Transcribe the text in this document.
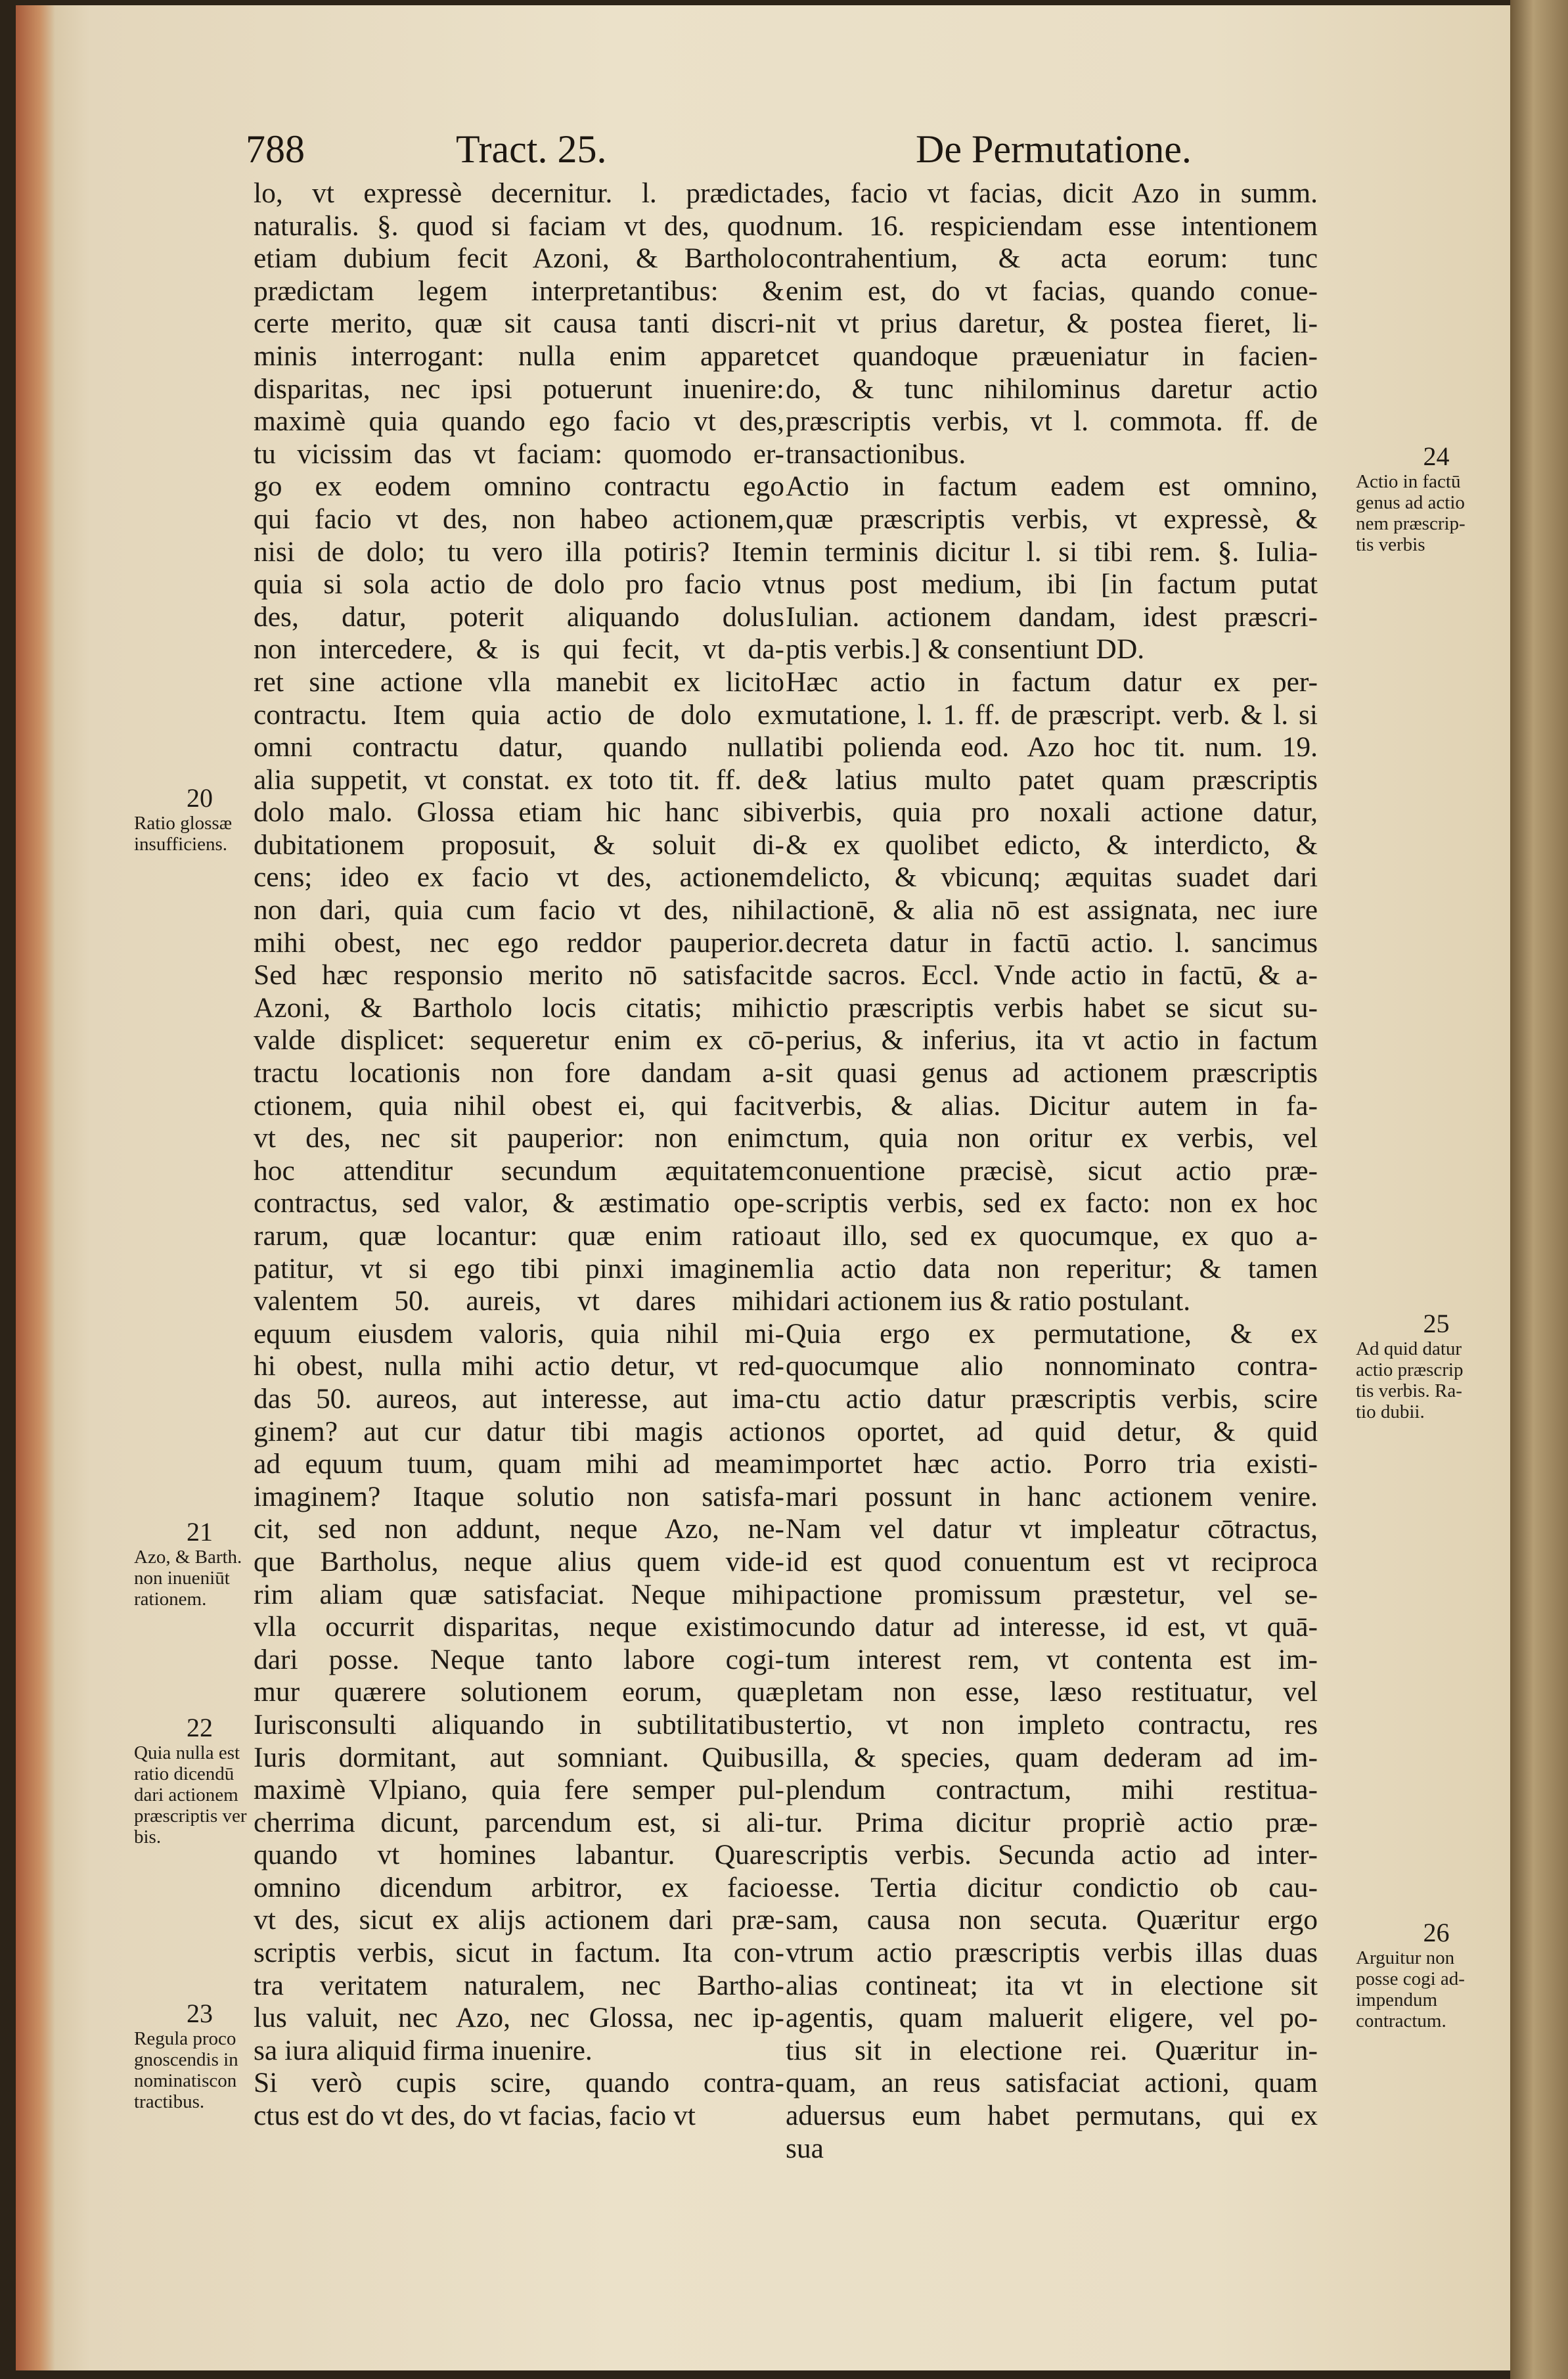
788	Tract. 25.	De Permutatione.

lo, vt expressè decernitur. l. prædicta

naturalis. §. quod si faciam vt des, quod

etiam dubium fecit Azoni, & Bartholo

prædictam legem interpretantibus: &

certe merito, quæ sit causa tanti discri-

minis interrogant: nulla enim apparet

disparitas, nec ipsi potuerunt inuenire:

maximè quia quando ego facio vt des,

tu vicissim das vt faciam: quomodo er-

go ex eodem omnino contractu ego

qui facio vt des, non habeo actionem,

nisi de dolo; tu vero illa potiris? Item

quia si sola actio de dolo pro facio vt

des, datur, poterit aliquando dolus

non intercedere, & is qui fecit, vt da-

ret sine actione vlla manebit ex licito

contractu. Item quia actio de dolo ex

omni contractu datur, quando nulla

alia suppetit, vt constat. ex toto tit. ff. de

dolo malo. Glossa etiam hic hanc sibi

dubitationem proposuit, & soluit di-

cens; ideo ex facio vt des, actionem

non dari, quia cum facio vt des, nihil

mihi obest, nec ego reddor pauperior.

Sed hæc responsio merito nō satisfacit

Azoni, & Bartholo locis citatis; mihi

valde displicet: sequeretur enim ex cō-

tractu locationis non fore dandam a-

ctionem, quia nihil obest ei, qui facit

vt des, nec sit pauperior: non enim

hoc attenditur secundum æquitatem

contractus, sed valor, & æstimatio ope-

rarum, quæ locantur: quæ enim ratio

patitur, vt si ego tibi pinxi imaginem

valentem 50. aureis, vt dares mihi

equum eiusdem valoris, quia nihil mi-

hi obest, nulla mihi actio detur, vt red-

das 50. aureos, aut interesse, aut ima-

ginem? aut cur datur tibi magis actio

ad equum tuum, quam mihi ad meam

imaginem? Itaque solutio non satisfa-

cit, sed non addunt, neque Azo, ne-

que Bartholus, neque alius quem vide-

rim aliam quæ satisfaciat. Neque mihi

vlla occurrit disparitas, neque existimo

dari posse. Neque tanto labore cogi-

mur quærere solutionem eorum, quæ

Iurisconsulti aliquando in subtilitatibus

Iuris dormitant, aut somniant. Quibus

maximè Vlpiano, quia fere semper pul-

cherrima dicunt, parcendum est, si ali-

quando vt homines labantur. Quare

omnino dicendum arbitror, ex facio

vt des, sicut ex alijs actionem dari præ-

scriptis verbis, sicut in factum. Ita con-

tra veritatem naturalem, nec Bartho-

lus valuit, nec Azo, nec Glossa, nec ip-

sa iura aliquid firma inuenire.

Si verò cupis scire, quando contra-

ctus est do vt des, do vt facias, facio vt

des, facio vt facias, dicit Azo in summ.

num. 16. respiciendam esse intentionem

contrahentium, & acta eorum: tunc

enim est, do vt facias, quando conue-

nit vt prius daretur, & postea fieret, li-

cet quandoque præueniatur in facien-

do, & tunc nihilominus daretur actio

præscriptis verbis, vt l. commota. ff. de

transactionibus.

Actio in factum eadem est omnino,

quæ præscriptis verbis, vt expressè, &

in terminis dicitur l. si tibi rem. §. Iulia-

nus post medium, ibi [in factum putat

Iulian. actionem dandam, idest præscri-

ptis verbis.] & consentiunt DD.

Hæc actio in factum datur ex per-

mutatione, l. 1. ff. de præscript. verb. & l. si

tibi polienda eod. Azo hoc tit. num. 19.

& latius multo patet quam præscriptis

verbis, quia pro noxali actione datur,

& ex quolibet edicto, & interdicto, &

delicto, & vbicunq; æquitas suadet dari

actionē, & alia nō est assignata, nec iure

decreta datur in factū actio. l. sancimus

de sacros. Eccl. Vnde actio in factū, & a-

ctio præscriptis verbis habet se sicut su-

perius, & inferius, ita vt actio in factum

sit quasi genus ad actionem præscriptis

verbis, & alias. Dicitur autem in fa-

ctum, quia non oritur ex verbis, vel

conuentione præcisè, sicut actio præ-

scriptis verbis, sed ex facto: non ex hoc

aut illo, sed ex quocumque, ex quo a-

lia actio data non reperitur; & tamen

dari actionem ius & ratio postulant.

Quia ergo ex permutatione, & ex

quocumque alio nonnominato contra-

ctu actio datur præscriptis verbis, scire

nos oportet, ad quid detur, & quid

importet hæc actio. Porro tria existi-

mari possunt in hanc actionem venire.

Nam vel datur vt impleatur cōtractus,

id est quod conuentum est vt reciproca

pactione promissum præstetur, vel se-

cundo datur ad interesse, id est, vt quā-

tum interest rem, vt contenta est im-

pletam non esse, læso restituatur, vel

tertio, vt non impleto contractu, res

illa, & species, quam dederam ad im-

plendum contractum, mihi restitua-

tur. Prima dicitur propriè actio præ-

scriptis verbis. Secunda actio ad inter-

esse. Tertia dicitur condictio ob cau-

sam, causa non secuta. Quæritur ergo

vtrum actio præscriptis verbis illas duas

alias contineat; ita vt in electione sit

agentis, quam maluerit eligere, vel po-

tius sit in electione rei. Quæritur in-

quam, an reus satisfaciat actioni, quam

aduersus eum habet permutans, qui ex

sua

20
Ratio glossæ
insufficiens.
21
Azo, & Barth.
non inueniūt
rationem.
22
Quia nulla est
ratio dicendū
dari actionem
præscriptis ver
bis.
23
Regula proco
gnoscendis in
nominatiscon
tractibus.
24
Actio in factū
genus ad actio
nem præscrip-
tis verbis
25
Ad quid datur
actio præscrip
tis verbis. Ra-
tio dubii.
26
Arguitur non
posse cogi ad-
impendum
contractum.
